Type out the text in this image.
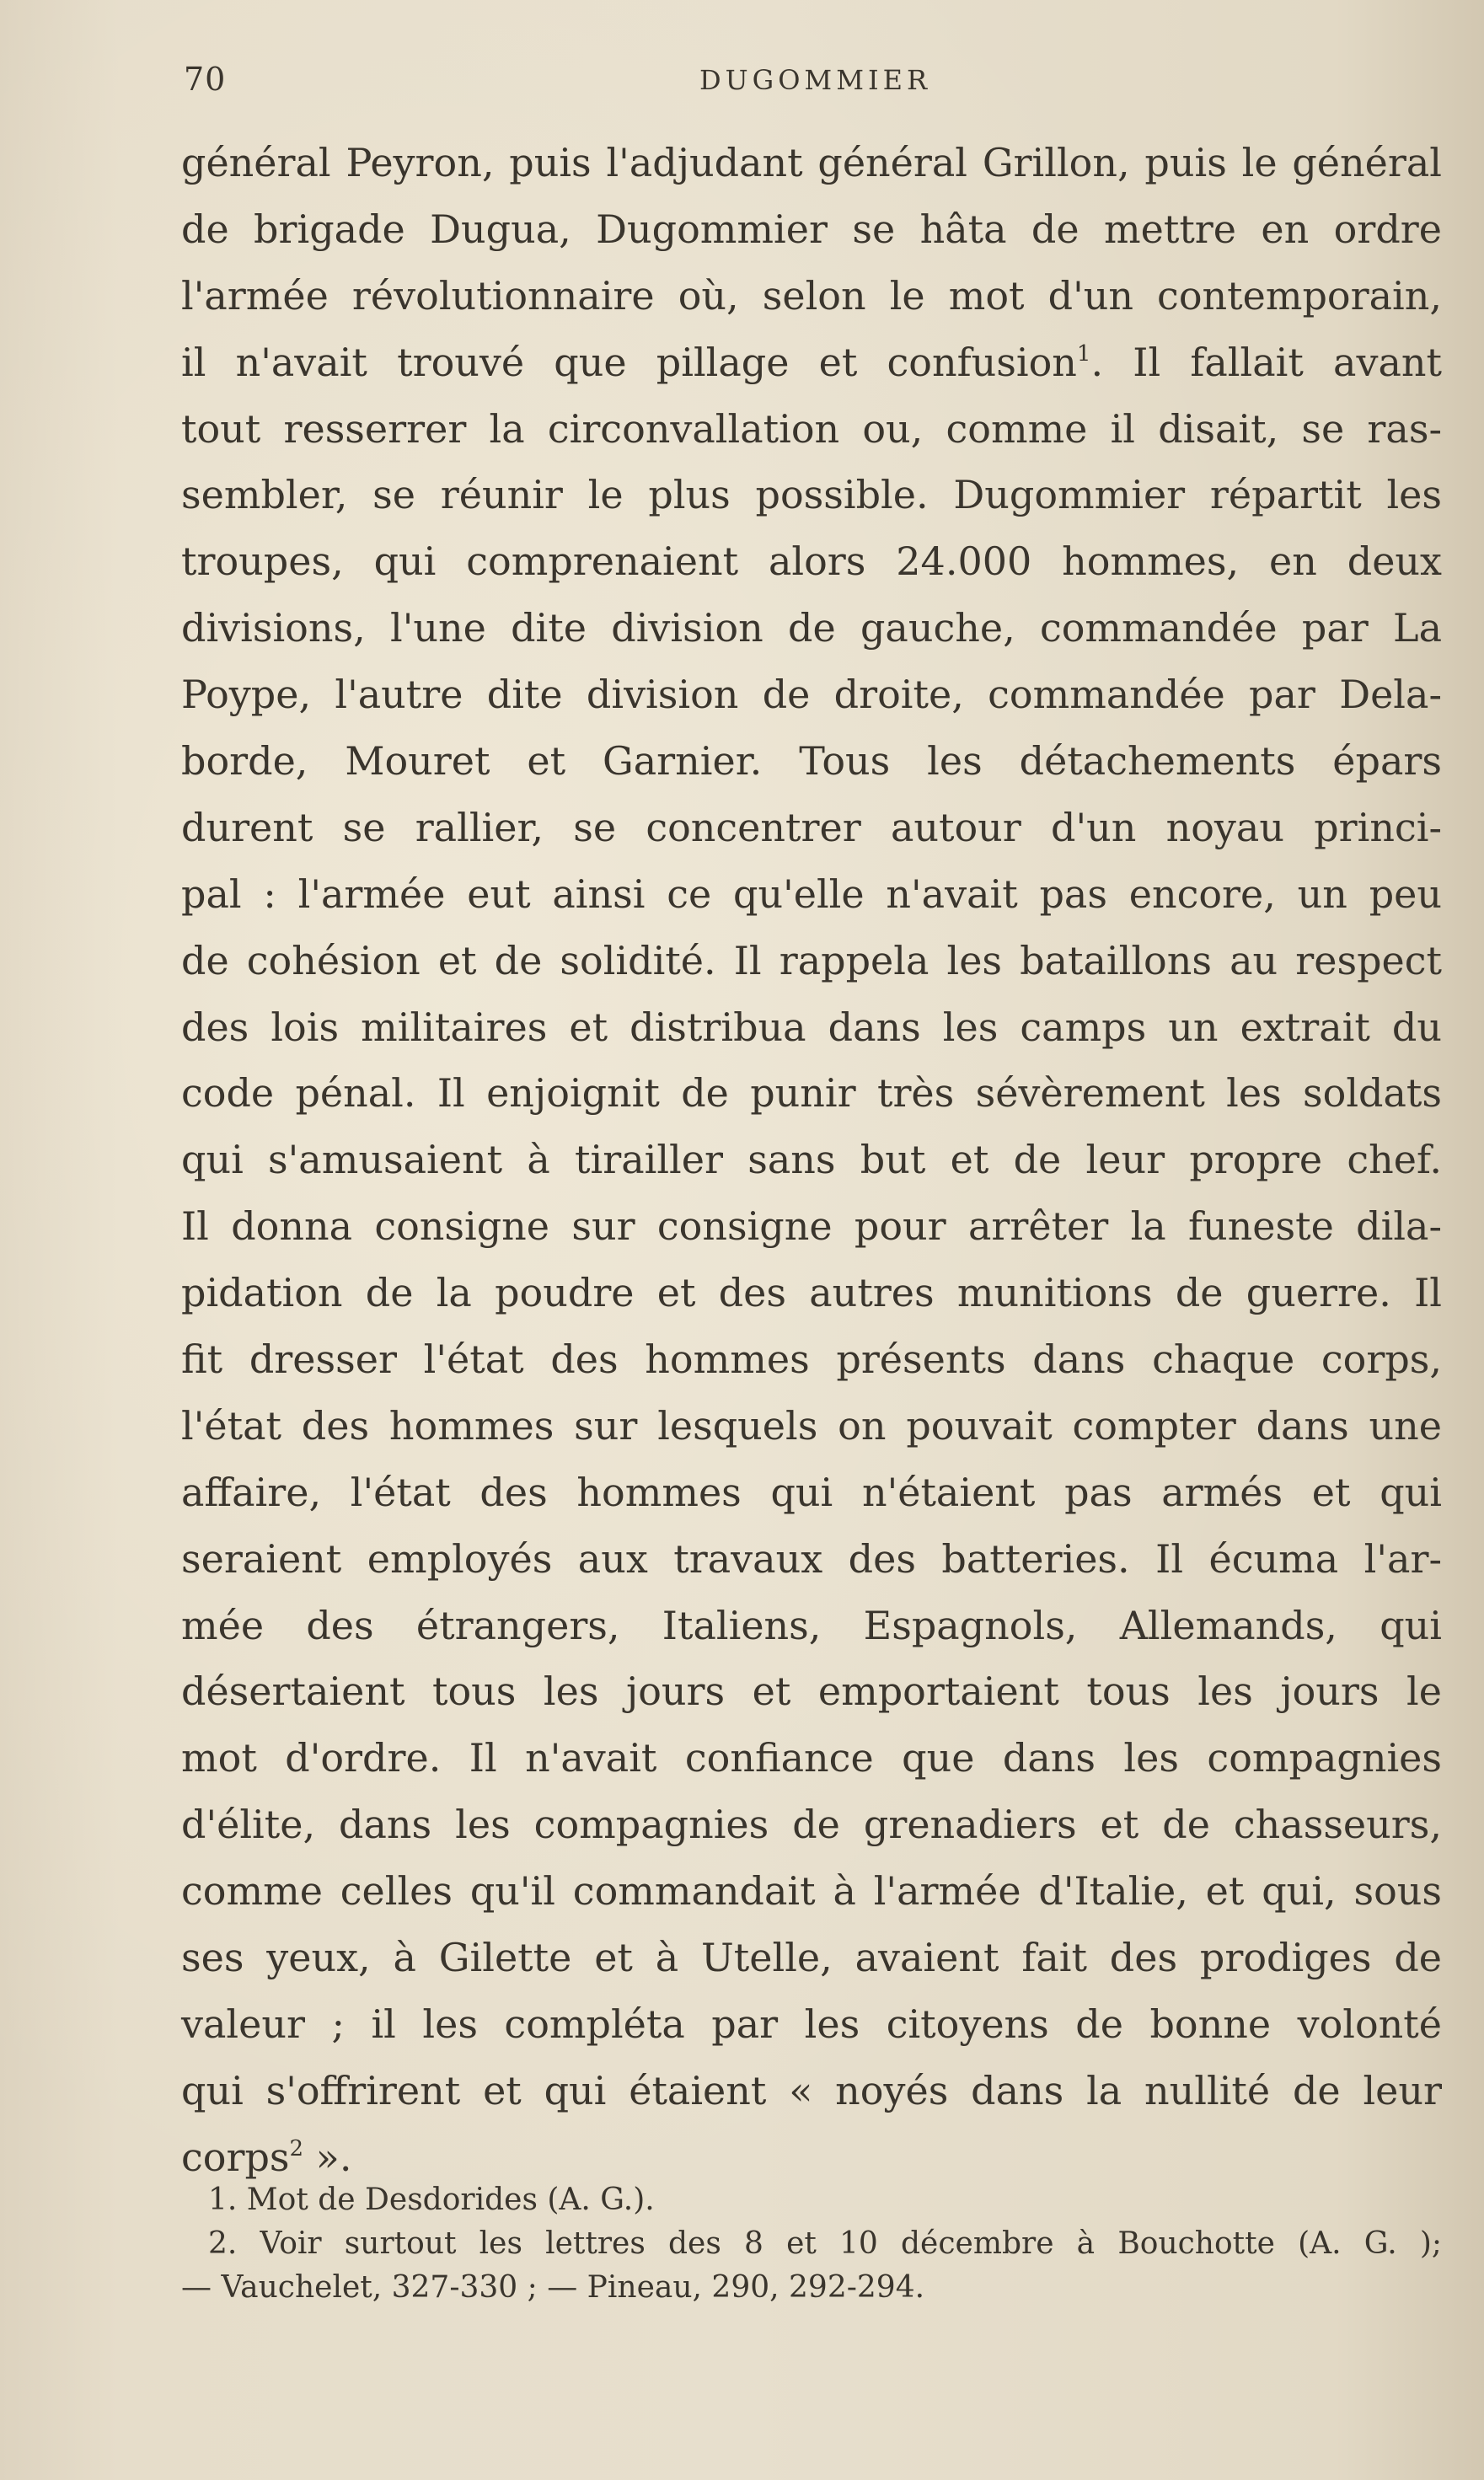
70	DUGOMMIER
général Peyron, puis l'adjudant général Grillon, puis le général
de brigade Dugua, Dugommier se hâta de mettre en ordre
l'armée révolutionnaire où, selon le mot d'un contemporain,
il n'avait trouvé que pillage et confusion$^1$. Il fallait avant
tout resserrer la circonvallation ou, comme il disait, se ras-
sembler, se réunir le plus possible. Dugommier répartit les
troupes, qui comprenaient alors 24.000 hommes, en deux
divisions, l'une dite division de gauche, commandée par La
Poype, l'autre dite division de droite, commandée par Dela-
borde, Mouret et Garnier. Tous les détachements épars
durent se rallier, se concentrer autour d'un noyau princi-
pal : l'armée eut ainsi ce qu'elle n'avait pas encore, un peu
de cohésion et de solidité. Il rappela les bataillons au respect
des lois militaires et distribua dans les camps un extrait du
code pénal. Il enjoignit de punir très sévèrement les soldats
qui s'amusaient à tirailler sans but et de leur propre chef.
Il donna consigne sur consigne pour arrêter la funeste dila-
pidation de la poudre et des autres munitions de guerre. Il
fit dresser l'état des hommes présents dans chaque corps,
l'état des hommes sur lesquels on pouvait compter dans une
affaire, l'état des hommes qui n'étaient pas armés et qui
seraient employés aux travaux des batteries. Il écuma l'ar-
mée des étrangers, Italiens, Espagnols, Allemands, qui
désertaient tous les jours et emportaient tous les jours le
mot d'ordre. Il n'avait confiance que dans les compagnies
d'élite, dans les compagnies de grenadiers et de chasseurs,
comme celles qu'il commandait à l'armée d'Italie, et qui, sous
ses yeux, à Gilette et à Utelle, avaient fait des prodiges de
valeur ; il les compléta par les citoyens de bonne volonté
qui s'offrirent et qui étaient « noyés dans la nullité de leur
corps$^2$ ».
1. Mot de Desdorides (A. G.).
2. Voir surtout les lettres des 8 et 10 décembre à Bouchotte (A. G. );
— Vauchelet, 327-330 ; — Pineau, 290, 292-294.
